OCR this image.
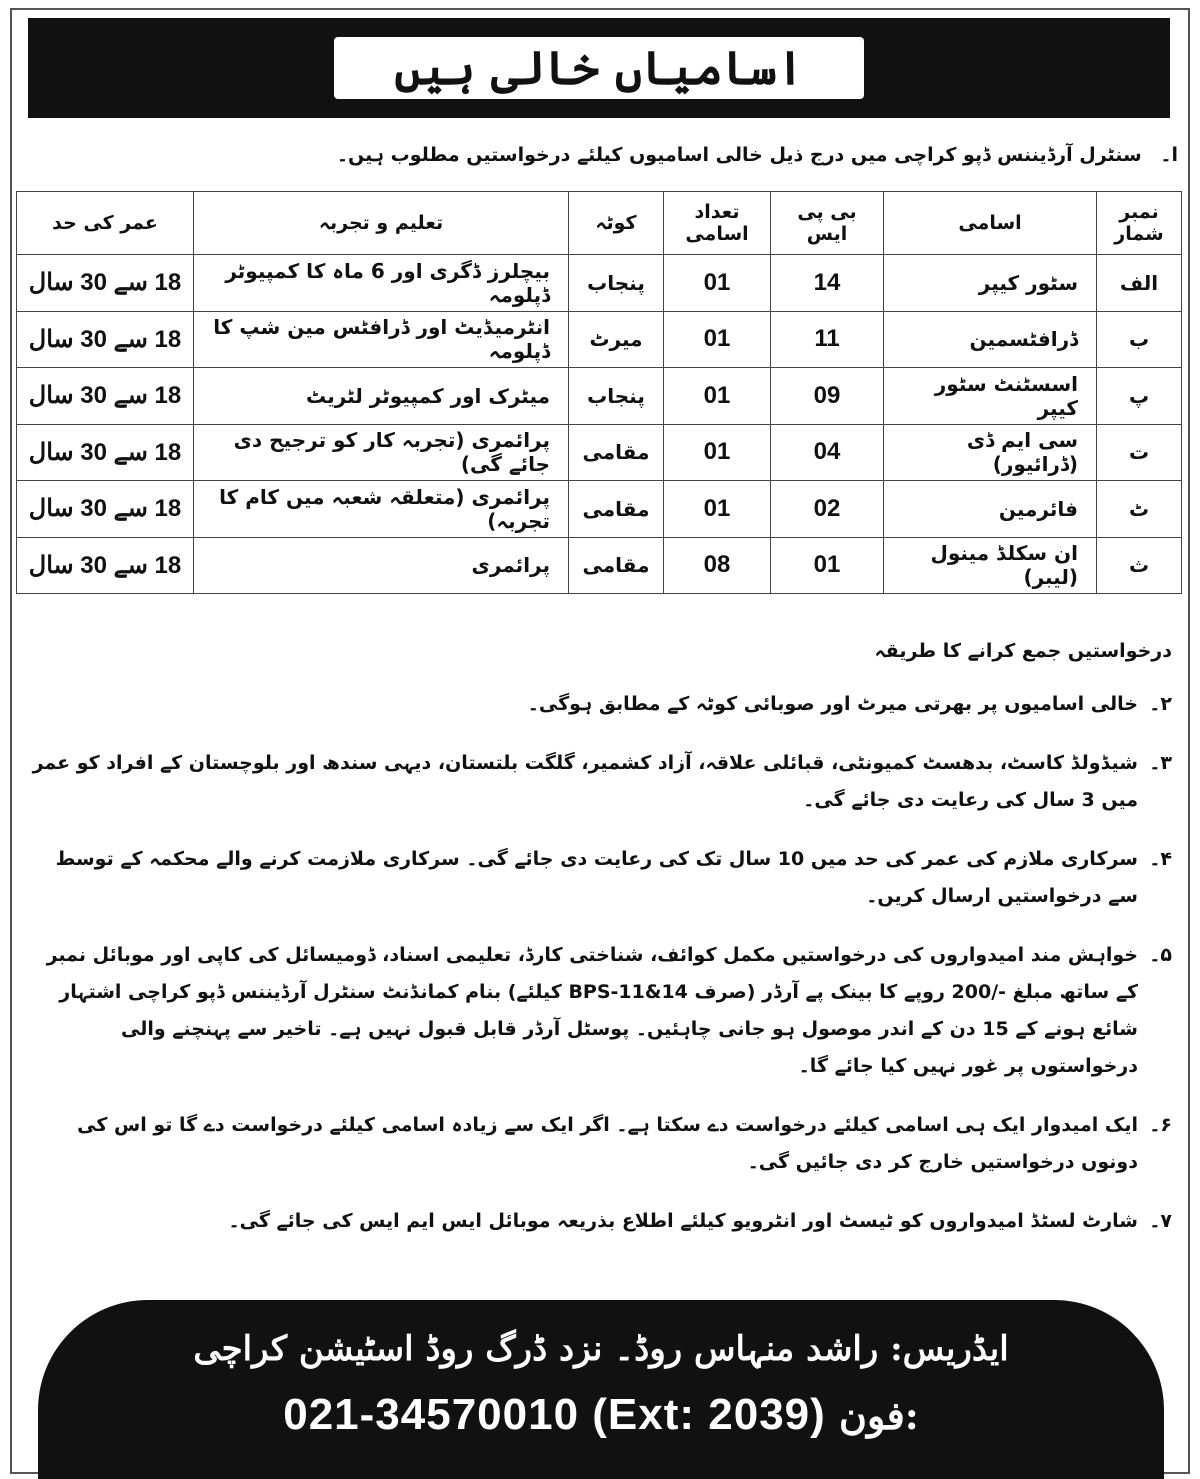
اسامیاں خالی ہیں
ا۔ سنٹرل آرڈیننس ڈپو کراچی میں درج ذیل خالی اسامیوں کیلئے درخواستیں مطلوب ہیں۔
نمبر شمار	اسامی	بی پی ایس	تعداد اسامی	کوٹہ	تعلیم و تجربہ	عمر کی حد
الف	سٹور کیپر	14	01	پنجاب	بیچلرز ڈگری اور 6 ماہ کا کمپیوٹر ڈپلومہ	18 سے 30 سال
ب	ڈرافٹسمین	11	01	میرٹ	انٹرمیڈیٹ اور ڈرافٹس مین شپ کا ڈپلومہ	18 سے 30 سال
پ	اسسٹنٹ سٹور کیپر	09	01	پنجاب	میٹرک اور کمپیوٹر لٹریٹ	18 سے 30 سال
ت	سی ایم ڈی (ڈرائیور)	04	01	مقامی	پرائمری (تجربہ کار کو ترجیح دی جائے گی)	18 سے 30 سال
ٹ	فائرمین	02	01	مقامی	پرائمری (متعلقہ شعبہ میں کام کا تجربہ)	18 سے 30 سال
ث	ان سکلڈ مینول (لیبر)	01	08	مقامی	پرائمری	18 سے 30 سال
درخواستیں جمع کرانے کا طریقہ
۲۔
خالی اسامیوں پر بھرتی میرٹ اور صوبائی کوٹہ کے مطابق ہوگی۔
۳۔
شیڈولڈ کاسٹ، بدھسٹ کمیونٹی، قبائلی علاقہ، آزاد کشمیر، گلگت بلتستان، دیہی سندھ اور بلوچستان کے افراد کو عمر میں 3 سال کی رعایت دی جائے گی۔
۴۔
سرکاری ملازم کی عمر کی حد میں 10 سال تک کی رعایت دی جائے گی۔ سرکاری ملازمت کرنے والے محکمہ کے توسط سے درخواستیں ارسال کریں۔
۵۔
خواہش مند امیدواروں کی درخواستیں مکمل کوائف، شناختی کارڈ، تعلیمی اسناد، ڈومیسائل کی کاپی اور موبائل نمبر کے ساتھ مبلغ -/200 روپے کا بینک پے آرڈر (صرف BPS-11&14 کیلئے) بنام کمانڈنٹ سنٹرل آرڈیننس ڈپو کراچی اشتہار شائع ہونے کے 15 دن کے اندر موصول ہو جانی چاہئیں۔ پوسٹل آرڈر قابل قبول نہیں ہے۔ تاخیر سے پہنچنے والی درخواستوں پر غور نہیں کیا جائے گا۔
۶۔
ایک امیدوار ایک ہی اسامی کیلئے درخواست دے سکتا ہے۔ اگر ایک سے زیادہ اسامی کیلئے درخواست دے گا تو اس کی دونوں درخواستیں خارج کر دی جائیں گی۔
۷۔
شارٹ لسٹڈ امیدواروں کو ٹیسٹ اور انٹرویو کیلئے اطلاع بذریعہ موبائل ایس ایم ایس کی جائے گی۔
ایڈریس: راشد منہاس روڈ۔ نزد ڈرگ روڈ اسٹیشن کراچی
021-34570010 (Ext: 2039) فون:
